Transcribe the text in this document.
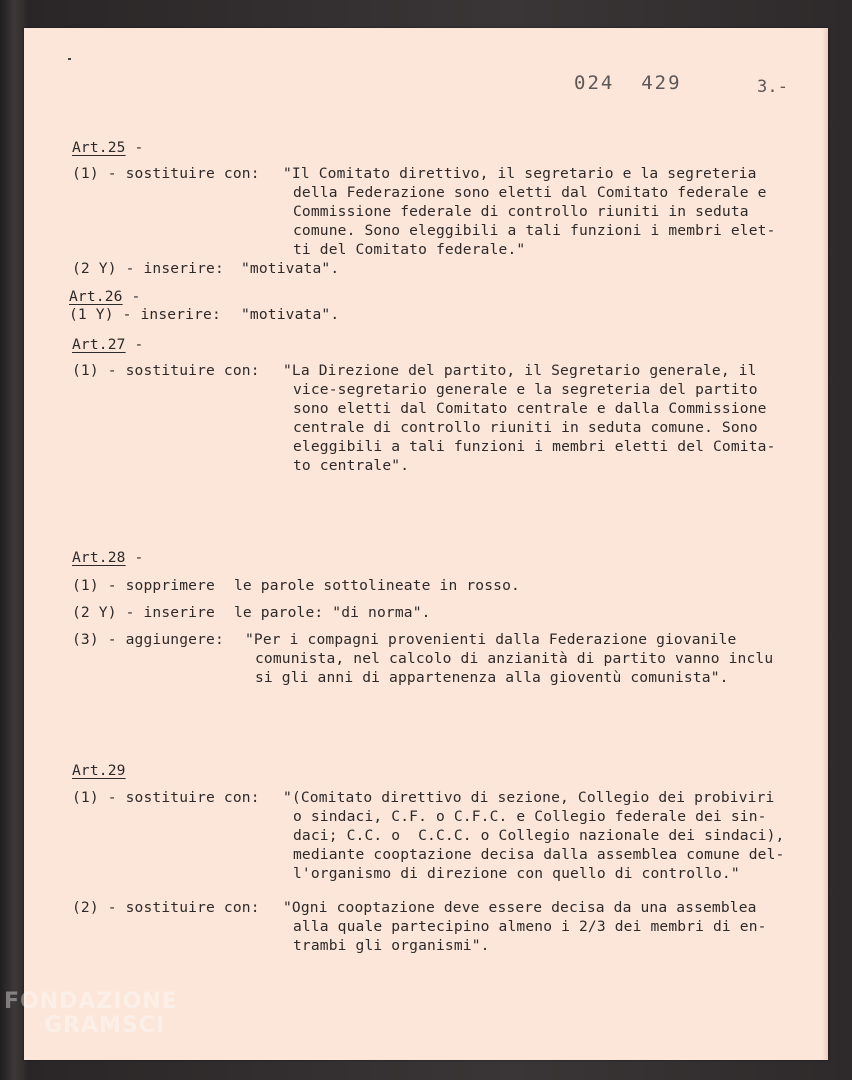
024  429	3.-
Art.25 -
(1) - sostituire con: "Il Comitato direttivo, il segretario e la segreteria
della Federazione sono eletti dal Comitato federale e
Commissione federale di controllo riuniti in seduta
comune. Sono eleggibili a tali funzioni i membri elet-
ti del Comitato federale."
(2 Y) - inserire: "motivata".
Art.26 -
(1 Y) - inserire: "motivata".
Art.27 -
(1) - sostituire con: "La Direzione del partito, il Segretario generale, il
vice-segretario generale e la segreteria del partito
sono eletti dal Comitato centrale e dalla Commissione
centrale di controllo riuniti in seduta comune. Sono
eleggibili a tali funzioni i membri eletti del Comita-
to centrale".
Art.28 -
(1) - sopprimere le parole sottolineate in rosso.
(2 Y) - inserire le parole: "di norma".
(3) - aggiungere: "Per i compagni provenienti dalla Federazione giovanile
comunista, nel calcolo di anzianità di partito vanno inclu
si gli anni di appartenenza alla gioventù comunista".
Art.29
(1) - sostituire con: "(Comitato direttivo di sezione, Collegio dei probiviri
o sindaci, C.F. o C.F.C. e Collegio federale dei sin-
daci; C.C. o  C.C.C. o Collegio nazionale dei sindaci),
mediante cooptazione decisa dalla assemblea comune del-
l'organismo di direzione con quello di controllo."
(2) - sostituire con: "Ogni cooptazione deve essere decisa da una assemblea
alla quale partecipino almeno i 2/3 dei membri di en-
trambi gli organismi".
FONDAZIONE
GRAMSCI
